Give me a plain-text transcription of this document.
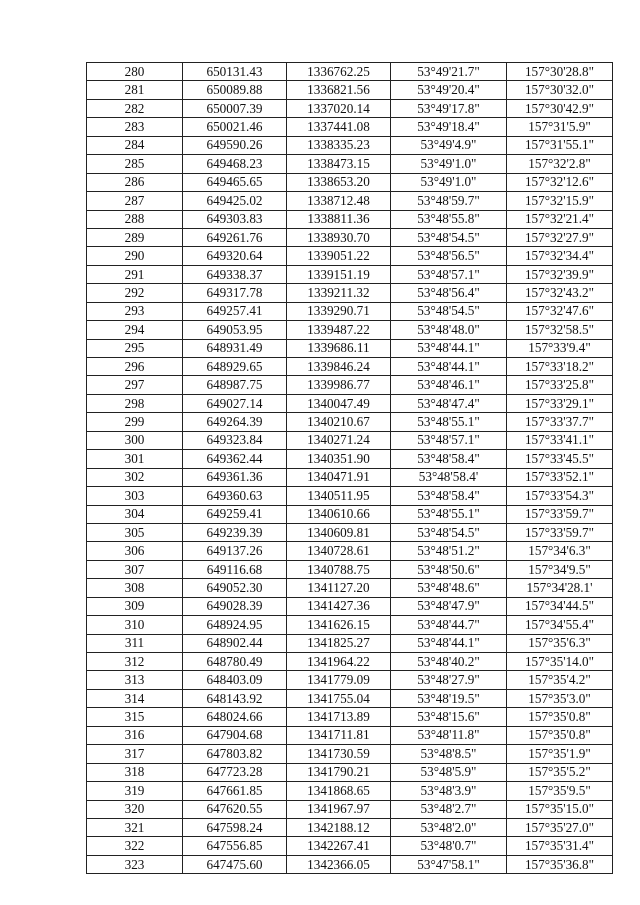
280	650131.43	1336762.25	53°49'21.7"	157°30'28.8"
281	650089.88	1336821.56	53°49'20.4"	157°30'32.0"
282	650007.39	1337020.14	53°49'17.8"	157°30'42.9"
283	650021.46	1337441.08	53°49'18.4"	157°31'5.9"
284	649590.26	1338335.23	53°49'4.9"	157°31'55.1"
285	649468.23	1338473.15	53°49'1.0"	157°32'2.8"
286	649465.65	1338653.20	53°49'1.0"	157°32'12.6"
287	649425.02	1338712.48	53°48'59.7"	157°32'15.9"
288	649303.83	1338811.36	53°48'55.8"	157°32'21.4"
289	649261.76	1338930.70	53°48'54.5"	157°32'27.9"
290	649320.64	1339051.22	53°48'56.5"	157°32'34.4"
291	649338.37	1339151.19	53°48'57.1"	157°32'39.9"
292	649317.78	1339211.32	53°48'56.4"	157°32'43.2"
293	649257.41	1339290.71	53°48'54.5"	157°32'47.6"
294	649053.95	1339487.22	53°48'48.0"	157°32'58.5"
295	648931.49	1339686.11	53°48'44.1"	157°33'9.4"
296	648929.65	1339846.24	53°48'44.1"	157°33'18.2"
297	648987.75	1339986.77	53°48'46.1"	157°33'25.8"
298	649027.14	1340047.49	53°48'47.4"	157°33'29.1"
299	649264.39	1340210.67	53°48'55.1"	157°33'37.7"
300	649323.84	1340271.24	53°48'57.1"	157°33'41.1"
301	649362.44	1340351.90	53°48'58.4"	157°33'45.5"
302	649361.36	1340471.91	53°48'58.4'	157°33'52.1"
303	649360.63	1340511.95	53°48'58.4"	157°33'54.3"
304	649259.41	1340610.66	53°48'55.1"	157°33'59.7"
305	649239.39	1340609.81	53°48'54.5"	157°33'59.7"
306	649137.26	1340728.61	53°48'51.2"	157°34'6.3"
307	649116.68	1340788.75	53°48'50.6"	157°34'9.5"
308	649052.30	1341127.20	53°48'48.6"	157°34'28.1'
309	649028.39	1341427.36	53°48'47.9"	157°34'44.5"
310	648924.95	1341626.15	53°48'44.7"	157°34'55.4"
311	648902.44	1341825.27	53°48'44.1"	157°35'6.3"
312	648780.49	1341964.22	53°48'40.2"	157°35'14.0"
313	648403.09	1341779.09	53°48'27.9"	157°35'4.2"
314	648143.92	1341755.04	53°48'19.5"	157°35'3.0"
315	648024.66	1341713.89	53°48'15.6"	157°35'0.8"
316	647904.68	1341711.81	53°48'11.8"	157°35'0.8"
317	647803.82	1341730.59	53°48'8.5"	157°35'1.9"
318	647723.28	1341790.21	53°48'5.9"	157°35'5.2"
319	647661.85	1341868.65	53°48'3.9"	157°35'9.5"
320	647620.55	1341967.97	53°48'2.7"	157°35'15.0"
321	647598.24	1342188.12	53°48'2.0"	157°35'27.0"
322	647556.85	1342267.41	53°48'0.7"	157°35'31.4"
323	647475.60	1342366.05	53°47'58.1"	157°35'36.8"
